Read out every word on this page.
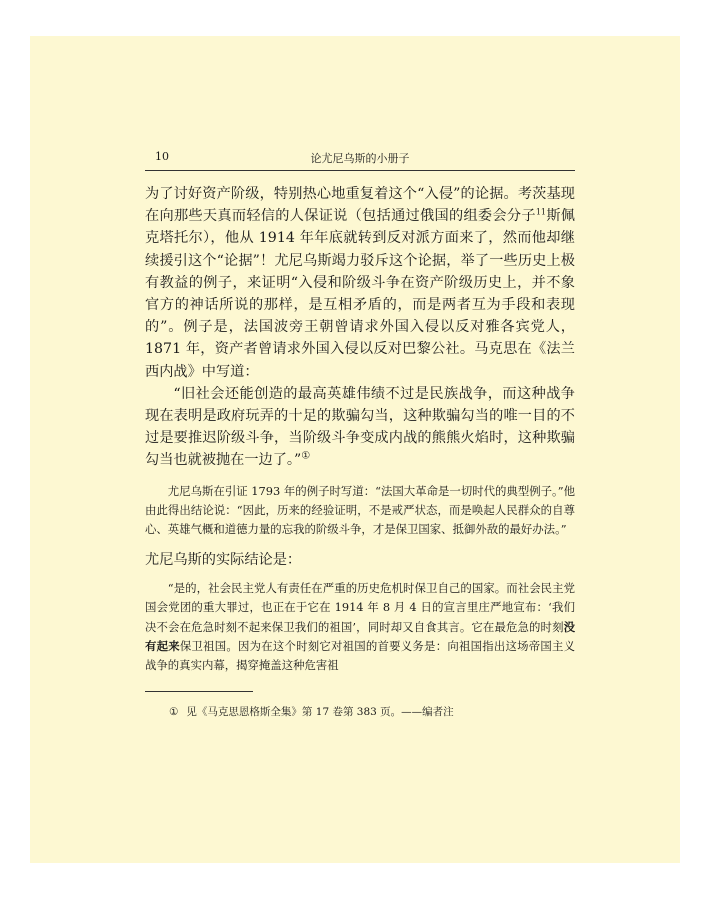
10	论尤尼乌斯的小册子

为了讨好资产阶级，特别热心地重复着这个“入侵”的论据。考茨基现在向那些天真而轻信的人保证说（包括通过俄国的组委会分子$^{11}$斯佩克塔托尔），他从 1914 年年底就转到反对派方面来了，然而他却继续援引这个“论据”！尤尼乌斯竭力驳斥这个论据，举了一些历史上极有教益的例子，来证明“入侵和阶级斗争在资产阶级历史上，并不象官方的神话所说的那样，是互相矛盾的，而是两者互为手段和表现的”。例子是，法国波旁王朝曾请求外国入侵以反对雅各宾党人，1871 年，资产者曾请求外国入侵以反对巴黎公社。马克思在《法兰西内战》中写道：

“旧社会还能创造的最高英雄伟绩不过是民族战争，而这种战争现在表明是政府玩弄的十足的欺骗勾当，这种欺骗勾当的唯一目的不过是要推迟阶级斗争，当阶级斗争变成内战的熊熊火焰时，这种欺骗勾当也就被抛在一边了。”①

尤尼乌斯在引证 1793 年的例子时写道：“法国大革命是一切时代的典型例子。”他由此得出结论说：“因此，历来的经验证明，不是戒严状态，而是唤起人民群众的自尊心、英雄气概和道德力量的忘我的阶级斗争，才是保卫国家、抵御外敌的最好办法。”
尤尼乌斯的实际结论是：
“是的，社会民主党人有责任在严重的历史危机时保卫自己的国家。而社会民主党国会党团的重大罪过，也正在于它在 1914 年 8 月 4 日的宣言里庄严地宣布：‘我们决不会在危急时刻不起来保卫我们的祖国’，同时却又自食其言。它在最危急的时刻没有起来保卫祖国。因为在这个时刻它对祖国的首要义务是：向祖国指出这场帝国主义战争的真实内幕，揭穿掩盖这种危害祖
① 见《马克思恩格斯全集》第 17 卷第 383 页。——编者注
